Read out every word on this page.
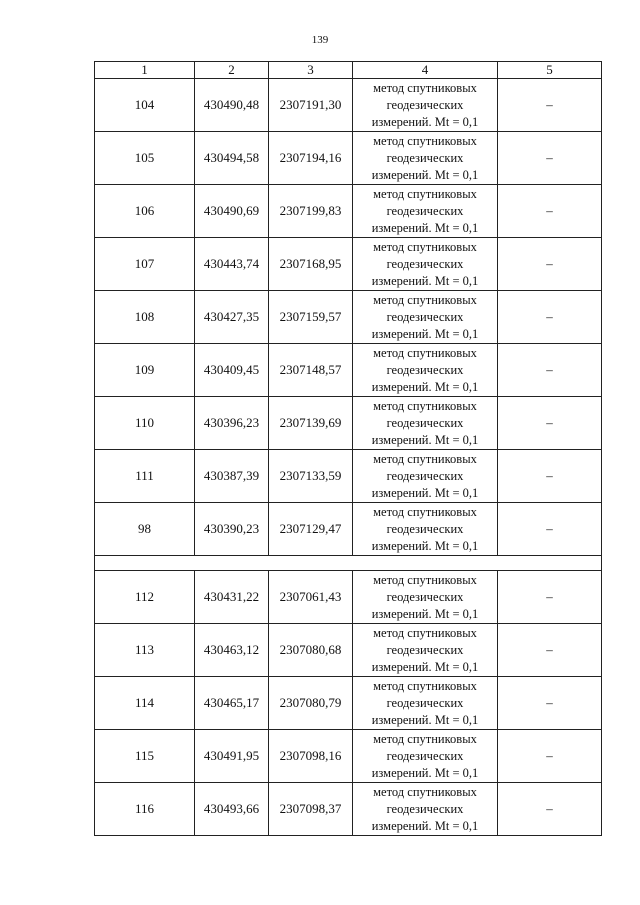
139
1	2	3	4	5
104	430490,48	2307191,30	метод спутниковых
геодезических
измерений. Mt = 0,1	–
105	430494,58	2307194,16	метод спутниковых
геодезических
измерений. Mt = 0,1	–
106	430490,69	2307199,83	метод спутниковых
геодезических
измерений. Mt = 0,1	–
107	430443,74	2307168,95	метод спутниковых
геодезических
измерений. Mt = 0,1	–
108	430427,35	2307159,57	метод спутниковых
геодезических
измерений. Mt = 0,1	–
109	430409,45	2307148,57	метод спутниковых
геодезических
измерений. Mt = 0,1	–
110	430396,23	2307139,69	метод спутниковых
геодезических
измерений. Mt = 0,1	–
111	430387,39	2307133,59	метод спутниковых
геодезических
измерений. Mt = 0,1	–
98	430390,23	2307129,47	метод спутниковых
геодезических
измерений. Mt = 0,1	–

112	430431,22	2307061,43	метод спутниковых
геодезических
измерений. Mt = 0,1	–
113	430463,12	2307080,68	метод спутниковых
геодезических
измерений. Mt = 0,1	–
114	430465,17	2307080,79	метод спутниковых
геодезических
измерений. Mt = 0,1	–
115	430491,95	2307098,16	метод спутниковых
геодезических
измерений. Mt = 0,1	–
116	430493,66	2307098,37	метод спутниковых
геодезических
измерений. Mt = 0,1	–
